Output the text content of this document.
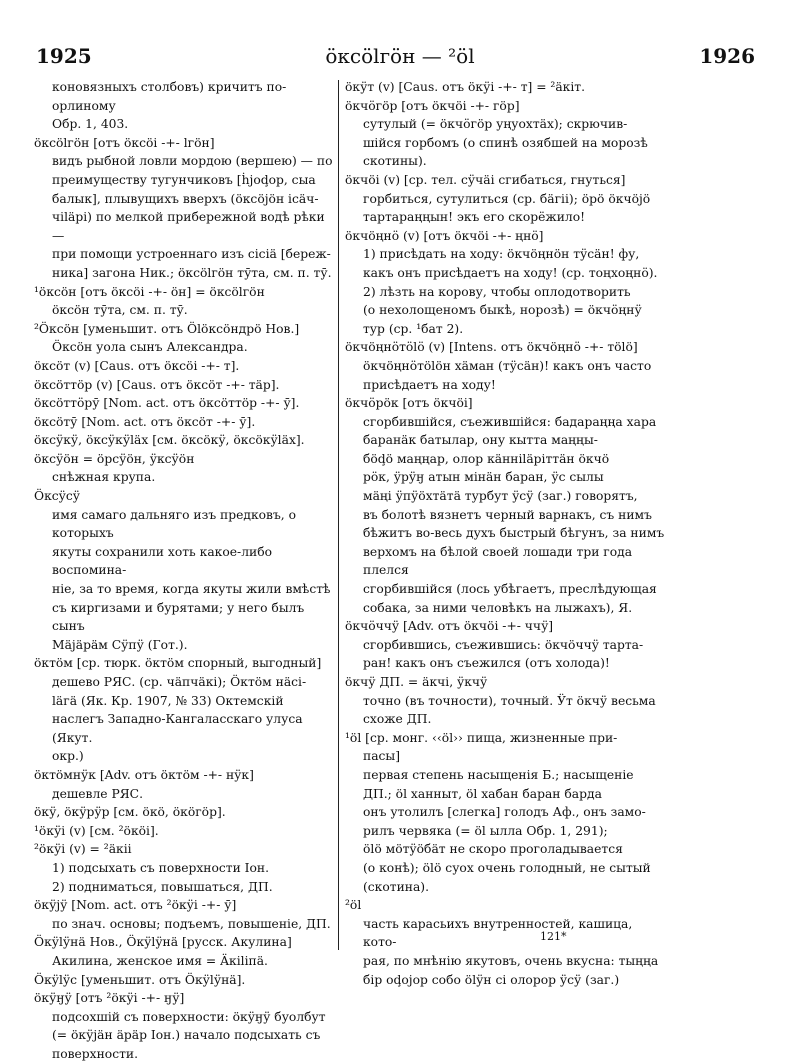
1925	öксölгöн — ²öl	1926

коновязныхъ столбовъ) кричитъ по-орлиному

Обр. 1, 403.

öксölгöн [отъ öксöi -+- lгöн]

видъ рыбной ловли мордою (вершею) — по

преимуществу тугунчиковъ [ḣjоḑор, сыа

балык], плывущихъ вверхъ (öксöjöн iсäч-

чiläрi) по мелкой прибережной водѣ рѣки —

при помощи устроеннаго изъ сiciä [береж-

ника] загона Ник.; öксölгöн тӯта, см. п. тӯ.

¹öксöн [отъ öксöi -+- öн] = öксölгöн

öксöн тӯта, см. п. тӯ.

²Öксöн [уменьшит. отъ Ölöксöндрö Нов.]

Öксöн уола сынъ Александра.

öксöт (v) [Caus. отъ öксöi -+- т].

öксöттöр (v) [Caus. отъ öксöт -+- тäр].

öксöттӧрӯ [Nom. act. отъ öксöттöр -+- ӯ].

öксöтӯ [Nom. act. отъ öксöт -+- ӯ].

öксӱкӱ, öксӱкӱläх [см. öксöкӱ, öксöкӱläх].

öксӱöн = öрсӱöн, ӱксӱöн

снѣжная крупа.

Öксӱсӱ

имя самаго дальняго изъ предковъ, о которыхъ

якуты сохранили хоть какое-либо воспомина-

ніе, за то время, когда якуты жили вмѣстѣ

съ киргизами и бурятами; у него былъ сынъ

Мäjäрäм Сӱпӱ (Гот.).

öктöм [ср. тюрк. öктöм спорный, выгодный]

дешево РЯС. (ср. чäпчäкi); Öктöм нäсі-

läгä (Як. Кр. 1907, № 33) Октемскій

наслегъ Западно-Кангаласскаго улуса (Якут.

окр.)

öктöмнӱк [Adv. отъ öктöм -+- нӱк]

дешевле РЯС.

öкӱ, öкӱрӱр [см. öкö, öкöгöр].

¹öкӱi (v) [см. ²öкöi].

²öкӱi (v) = ²äкiі

1) подсыхать съ поверхности Іон.

2) подниматься, повышаться, ДП.

öкӱjӱ [Nom. act. отъ ²öкӱi -+- ӯ]

по знач. основы; подъемъ, повышеніе, ДП.

Öкӱlӱнä Нов., Öкӱlӱнä [русск. Акулина]

Акилина, женское имя = Äкilіпä.

Öкӱlӱс [уменьшит. отъ Öкӱlӱнä].

öкӱӈӱ [отъ ²öкӱi -+- ӈӱ]

подсохшій съ поверхности: öкӱӈӱ буолбут

(= öкӱjäн äрäр Іон.) начало подсыхать съ

поверхности.

öкӱт (v) [Caus. отъ öкӱi -+- т] = ²äкiт.

öкчӧгöр [отъ öкчöi -+- гöр]

сутулый (= öкчӧгöр уңуохтäх); скрючив-

шійся горбомъ (о спинѣ озябшей на морозѣ

скотины).

öкчöi (v) [ср. тел. сӱчäi сгибаться, гнуться]

горбиться, сутулиться (ср. бäгiі); öрö öкчöjö

тартараңңын! экъ его скорёжило!

öкчöңнӧ (v) [отъ öкчöi -+- ңнӧ]

1) присѣдать на ходу: öкчöңнöн тӱсäн! фу,

какъ онъ присѣдаетъ на ходу! (ср. тоңхоңнӧ).

2) лѣзть на корову, чтобы оплодотворить

(о нехолощеномъ быкѣ, норозѣ) = öкчӧңнӱ

тур (ср. ¹бат 2).

öкчöңнӧтӧlӧ (v) [Intens. отъ öкчöңнӧ -+- тölö]

öкчöңнӧтölöн хäман (тӱсäн)! какъ онъ часто

присѣдаетъ на ходу!

öкчӧрöк [отъ öкчöi]

сгорбившійся, съежившійся: бадараңңа хара

баранäк батылар, ону кытта маңңы-

бöḑö маңңар, олор кäннiläрiттäн öкчö

рӧк, ӱрӱӈ атын мiнäн баран, ӱс сылы

мäңi ӱпӱöхтäтä турбут ӱсӱ (заг.) говорятъ,

въ болотѣ вязнетъ черный варнакъ, съ нимъ

бѣжитъ во-весь духъ быстрый бѣгунъ, за нимъ

верхомъ на бѣлой своей лошади три года плелся

сгорбившійся (лось убѣгаетъ, преслѣдующая

собака, за ними человѣкъ на лыжахъ), Я.

öкчӧччӱ [Adv. отъ öкчöi -+- ччӱ]

сгорбившись, съежившись: öкчöччӱ тарта-

ран! какъ онъ съежился (отъ холода)!

öкчӱ ДП. = äкчi, ӱкчӱ

точно (въ точности), точный. Ӱт öкчӱ весьма

схоже ДП.

¹öl [ср. монг. ‹‹öl›› пища, жизненные при-

пасы]

первая степень насыщенія Б.; насыщеніе

ДП.; öl ханныт, öl хабан баран барда

онъ утолилъ [слегка] голодъ Аф., онъ замо-

рилъ червяка (= öl ылла Обр. 1, 291);

ölö мöтӱöбäт не скоро проголадывается

(о конѣ); ölö суох очень голодный, не сытый

(скотина).

²öl

часть карасьихъ внутренностей, кашица, кото-

рая, по мнѣнію якутовъ, очень вкусна: тыңңа

бiр оḑоjор собо ölӱн сi олорор ӱсӱ (заг.)

121*
